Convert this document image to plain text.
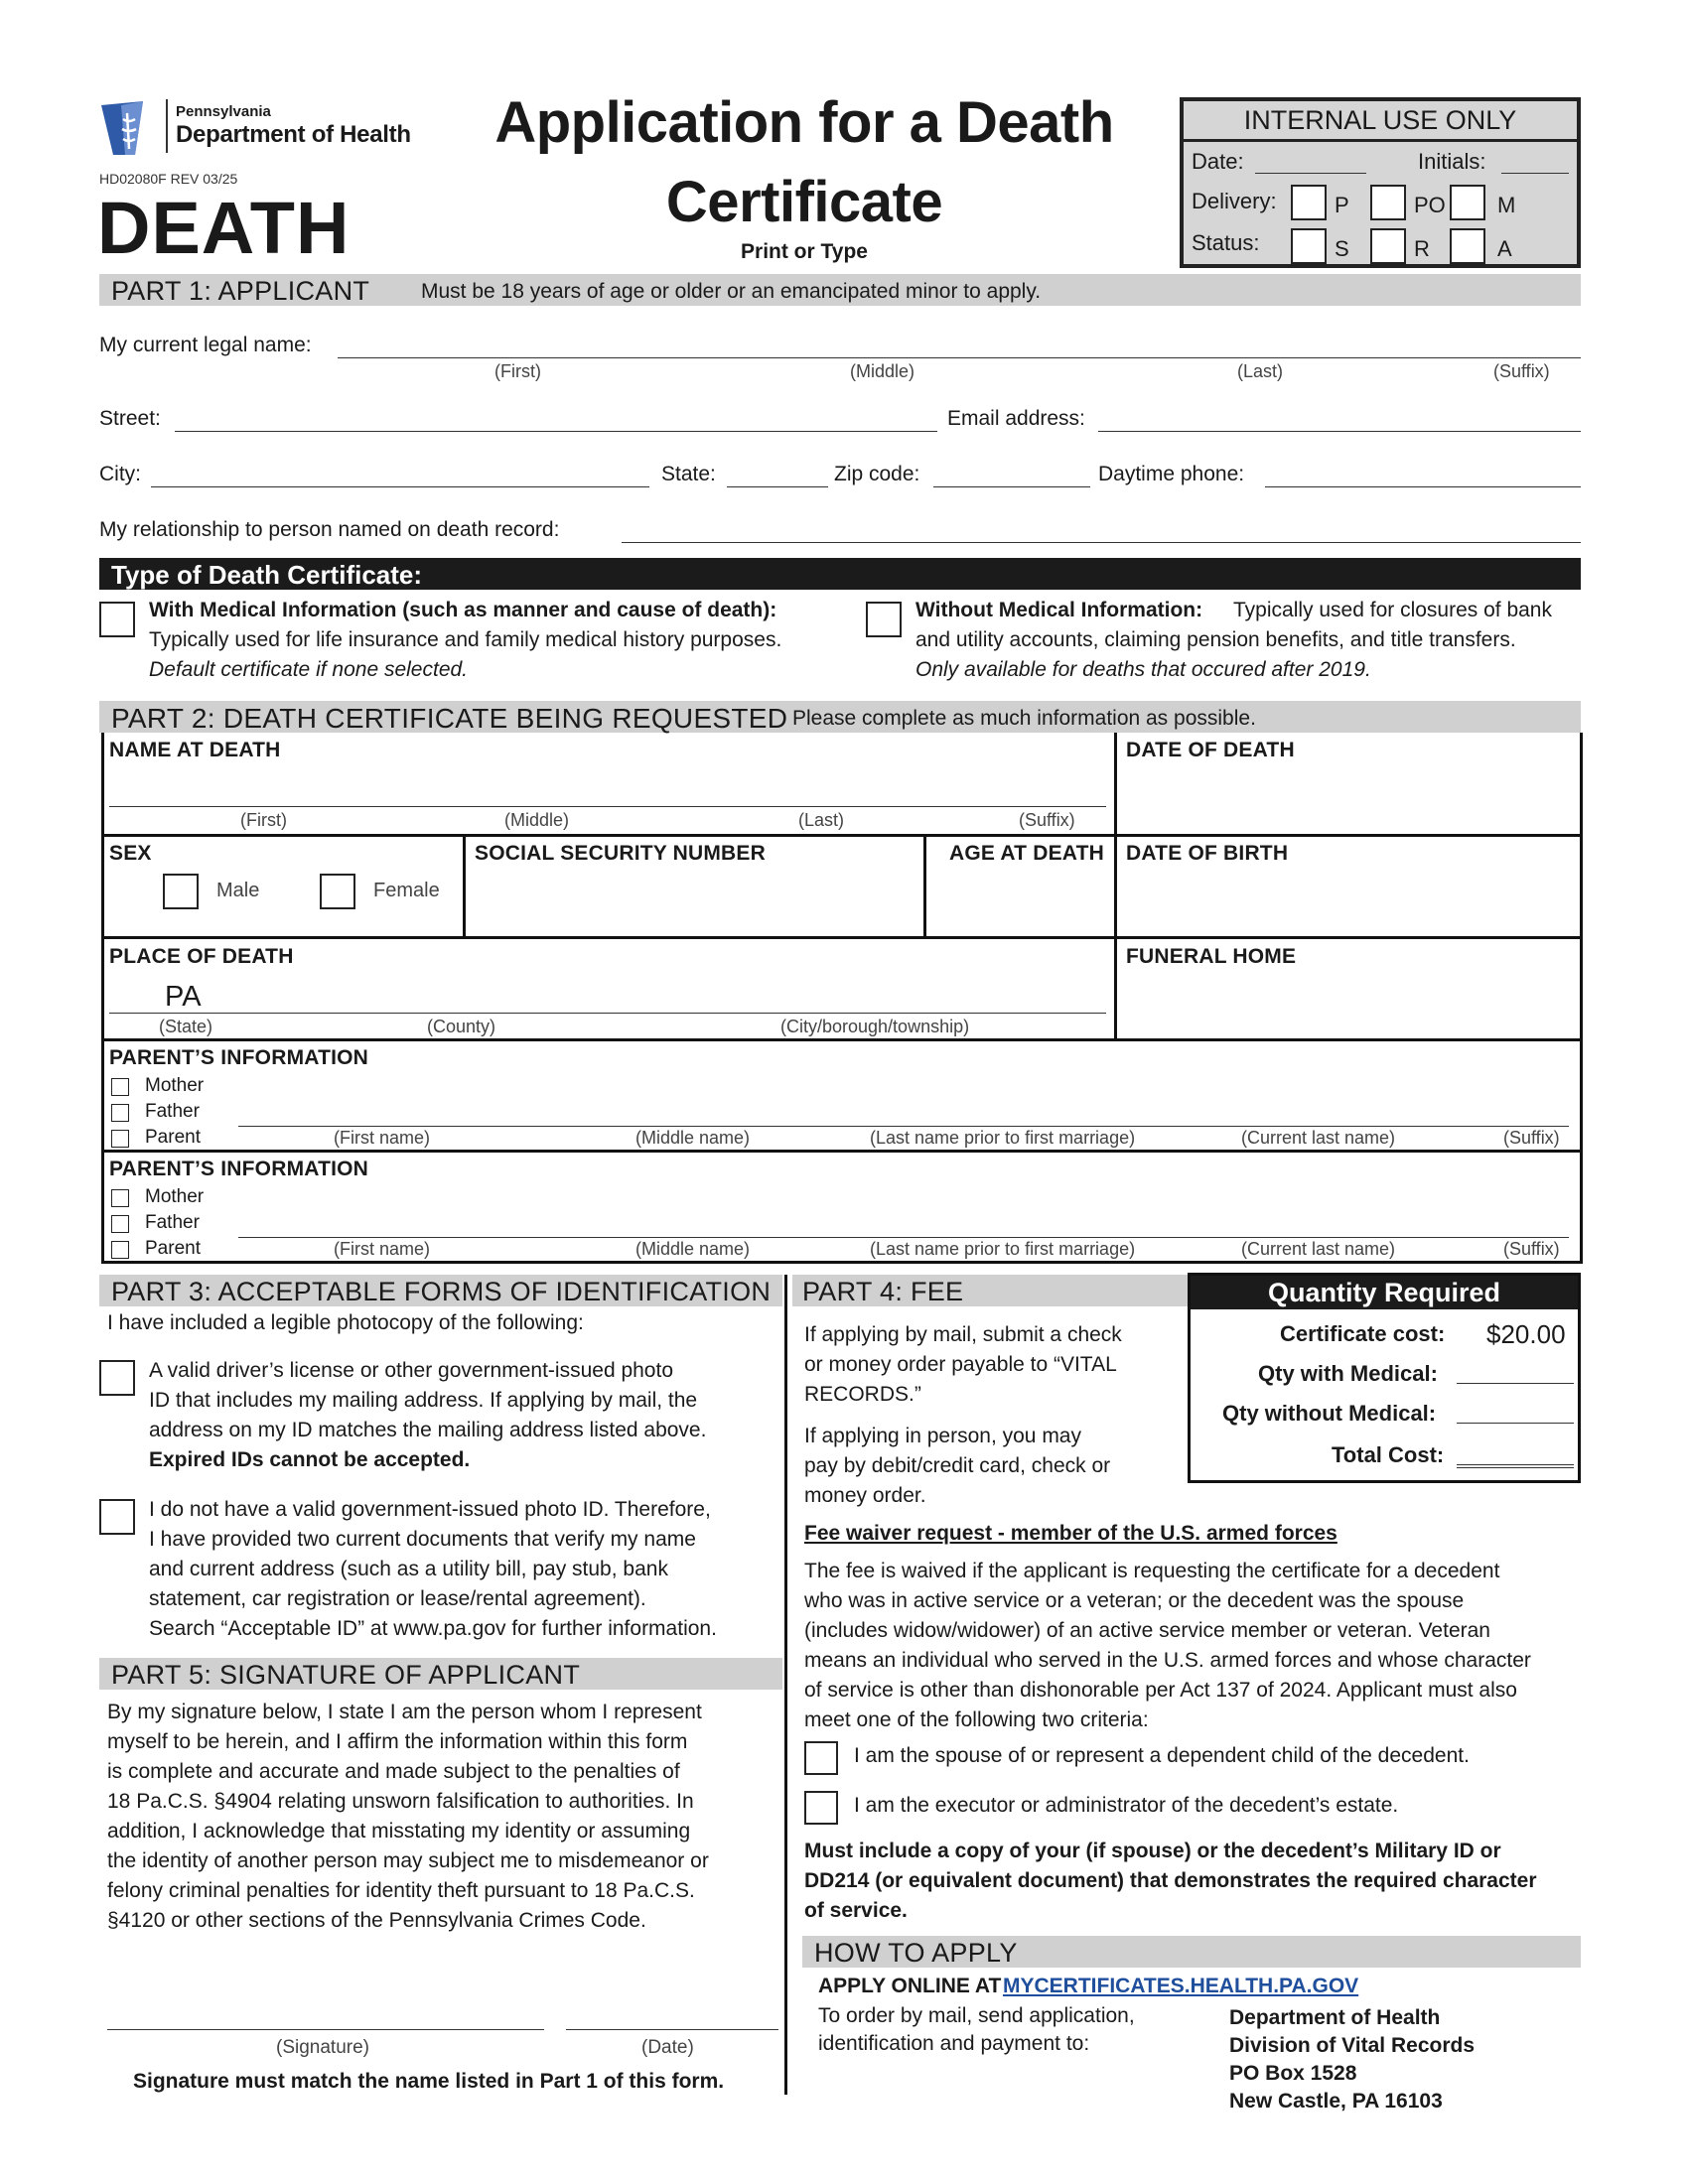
Pennsylvania
Department of Health
HD02080F REV 03/25
DEATH
Application for a Death
Certificate
Print or Type
INTERNAL USE ONLY
Date:	Initials:
Delivery:	P	PO M
Status:	S	R	A
PART 1: APPLICANT Must be 18 years of age or older or an emancipated minor to apply.
My current legal name:
(First)	(Middle)	(Last)	(Suffix)
Street:	Email address:
City:	State:	Zip code:	Daytime phone:
My relationship to person named on death record:
Type of Death Certificate:
With Medical Information (such as manner and cause of death):
Typically used for life insurance and family medical history purposes.
Default certificate if none selected.
Without Medical Information: Typically used for closures of bank
and utility accounts, claiming pension benefits, and title transfers.
Only available for deaths that occured after 2019.
PART 2: DEATH CERTIFICATE BEING REQUESTED Please complete as much information as possible.
NAME AT DEATH
(First)	(Middle)	(Last)	(Suffix)
DATE OF DEATH
SEX
Male	Female
SOCIAL SECURITY NUMBER	AGE AT DEATH DATE OF BIRTH
PLACE OF DEATH
PA
(State)	(County)	(City/borough/township)
FUNERAL HOME
PARENT’S INFORMATION
Mother
Father
Parent	(First name)	(Middle name)	(Last name prior to first marriage)	(Current last name)	(Suffix)
PARENT’S INFORMATION
Mother
Father
Parent	(First name)	(Middle name)	(Last name prior to first marriage)	(Current last name)	(Suffix)
PART 3: ACCEPTABLE FORMS OF IDENTIFICATION
I have included a legible photocopy of the following:
A valid driver’s license or other government-issued photo
ID that includes my mailing address. If applying by mail, the
address on my ID matches the mailing address listed above.
Expired IDs cannot be accepted.
I do not have a valid government-issued photo ID. Therefore,
I have provided two current documents that verify my name
and current address (such as a utility bill, pay stub, bank
statement, car registration or lease/rental agreement).
Search “Acceptable ID” at www.pa.gov for further information.
PART 5: SIGNATURE OF APPLICANT
By my signature below, I state I am the person whom I represent
myself to be herein, and I affirm the information within this form
is complete and accurate and made subject to the penalties of
18 Pa.C.S. §4904 relating unsworn falsification to authorities. In
addition, I acknowledge that misstating my identity or assuming
the identity of another person may subject me to misdemeanor or
felony criminal penalties for identity theft pursuant to 18 Pa.C.S.
§4120 or other sections of the Pennsylvania Crimes Code.
(Signature)	(Date)
Signature must match the name listed in Part 1 of this form.
PART 4: FEE
If applying by mail, submit a check
or money order payable to “VITAL
RECORDS.”
If applying in person, you may
pay by debit/credit card, check or
money order.
Quantity Required
Certificate cost: $20.00
Qty with Medical:
Qty without Medical:
Total Cost:
Fee waiver request - member of the U.S. armed forces
The fee is waived if the applicant is requesting the certificate for a decedent
who was in active service or a veteran; or the decedent was the spouse
(includes widow/widower) of an active service member or veteran. Veteran
means an individual who served in the U.S. armed forces and whose character
of service is other than dishonorable per Act 137 of 2024. Applicant must also
meet one of the following two criteria:
I am the spouse of or represent a dependent child of the decedent.
I am the executor or administrator of the decedent’s estate.
Must include a copy of your (if spouse) or the decedent’s Military ID or
DD214 (or equivalent document) that demonstrates the required character
of service.
HOW TO APPLY
APPLY ONLINE AT MYCERTIFICATES.HEALTH.PA.GOV
To order by mail, send application,
identification and payment to:
Department of Health
Division of Vital Records
PO Box 1528
New Castle, PA 16103
